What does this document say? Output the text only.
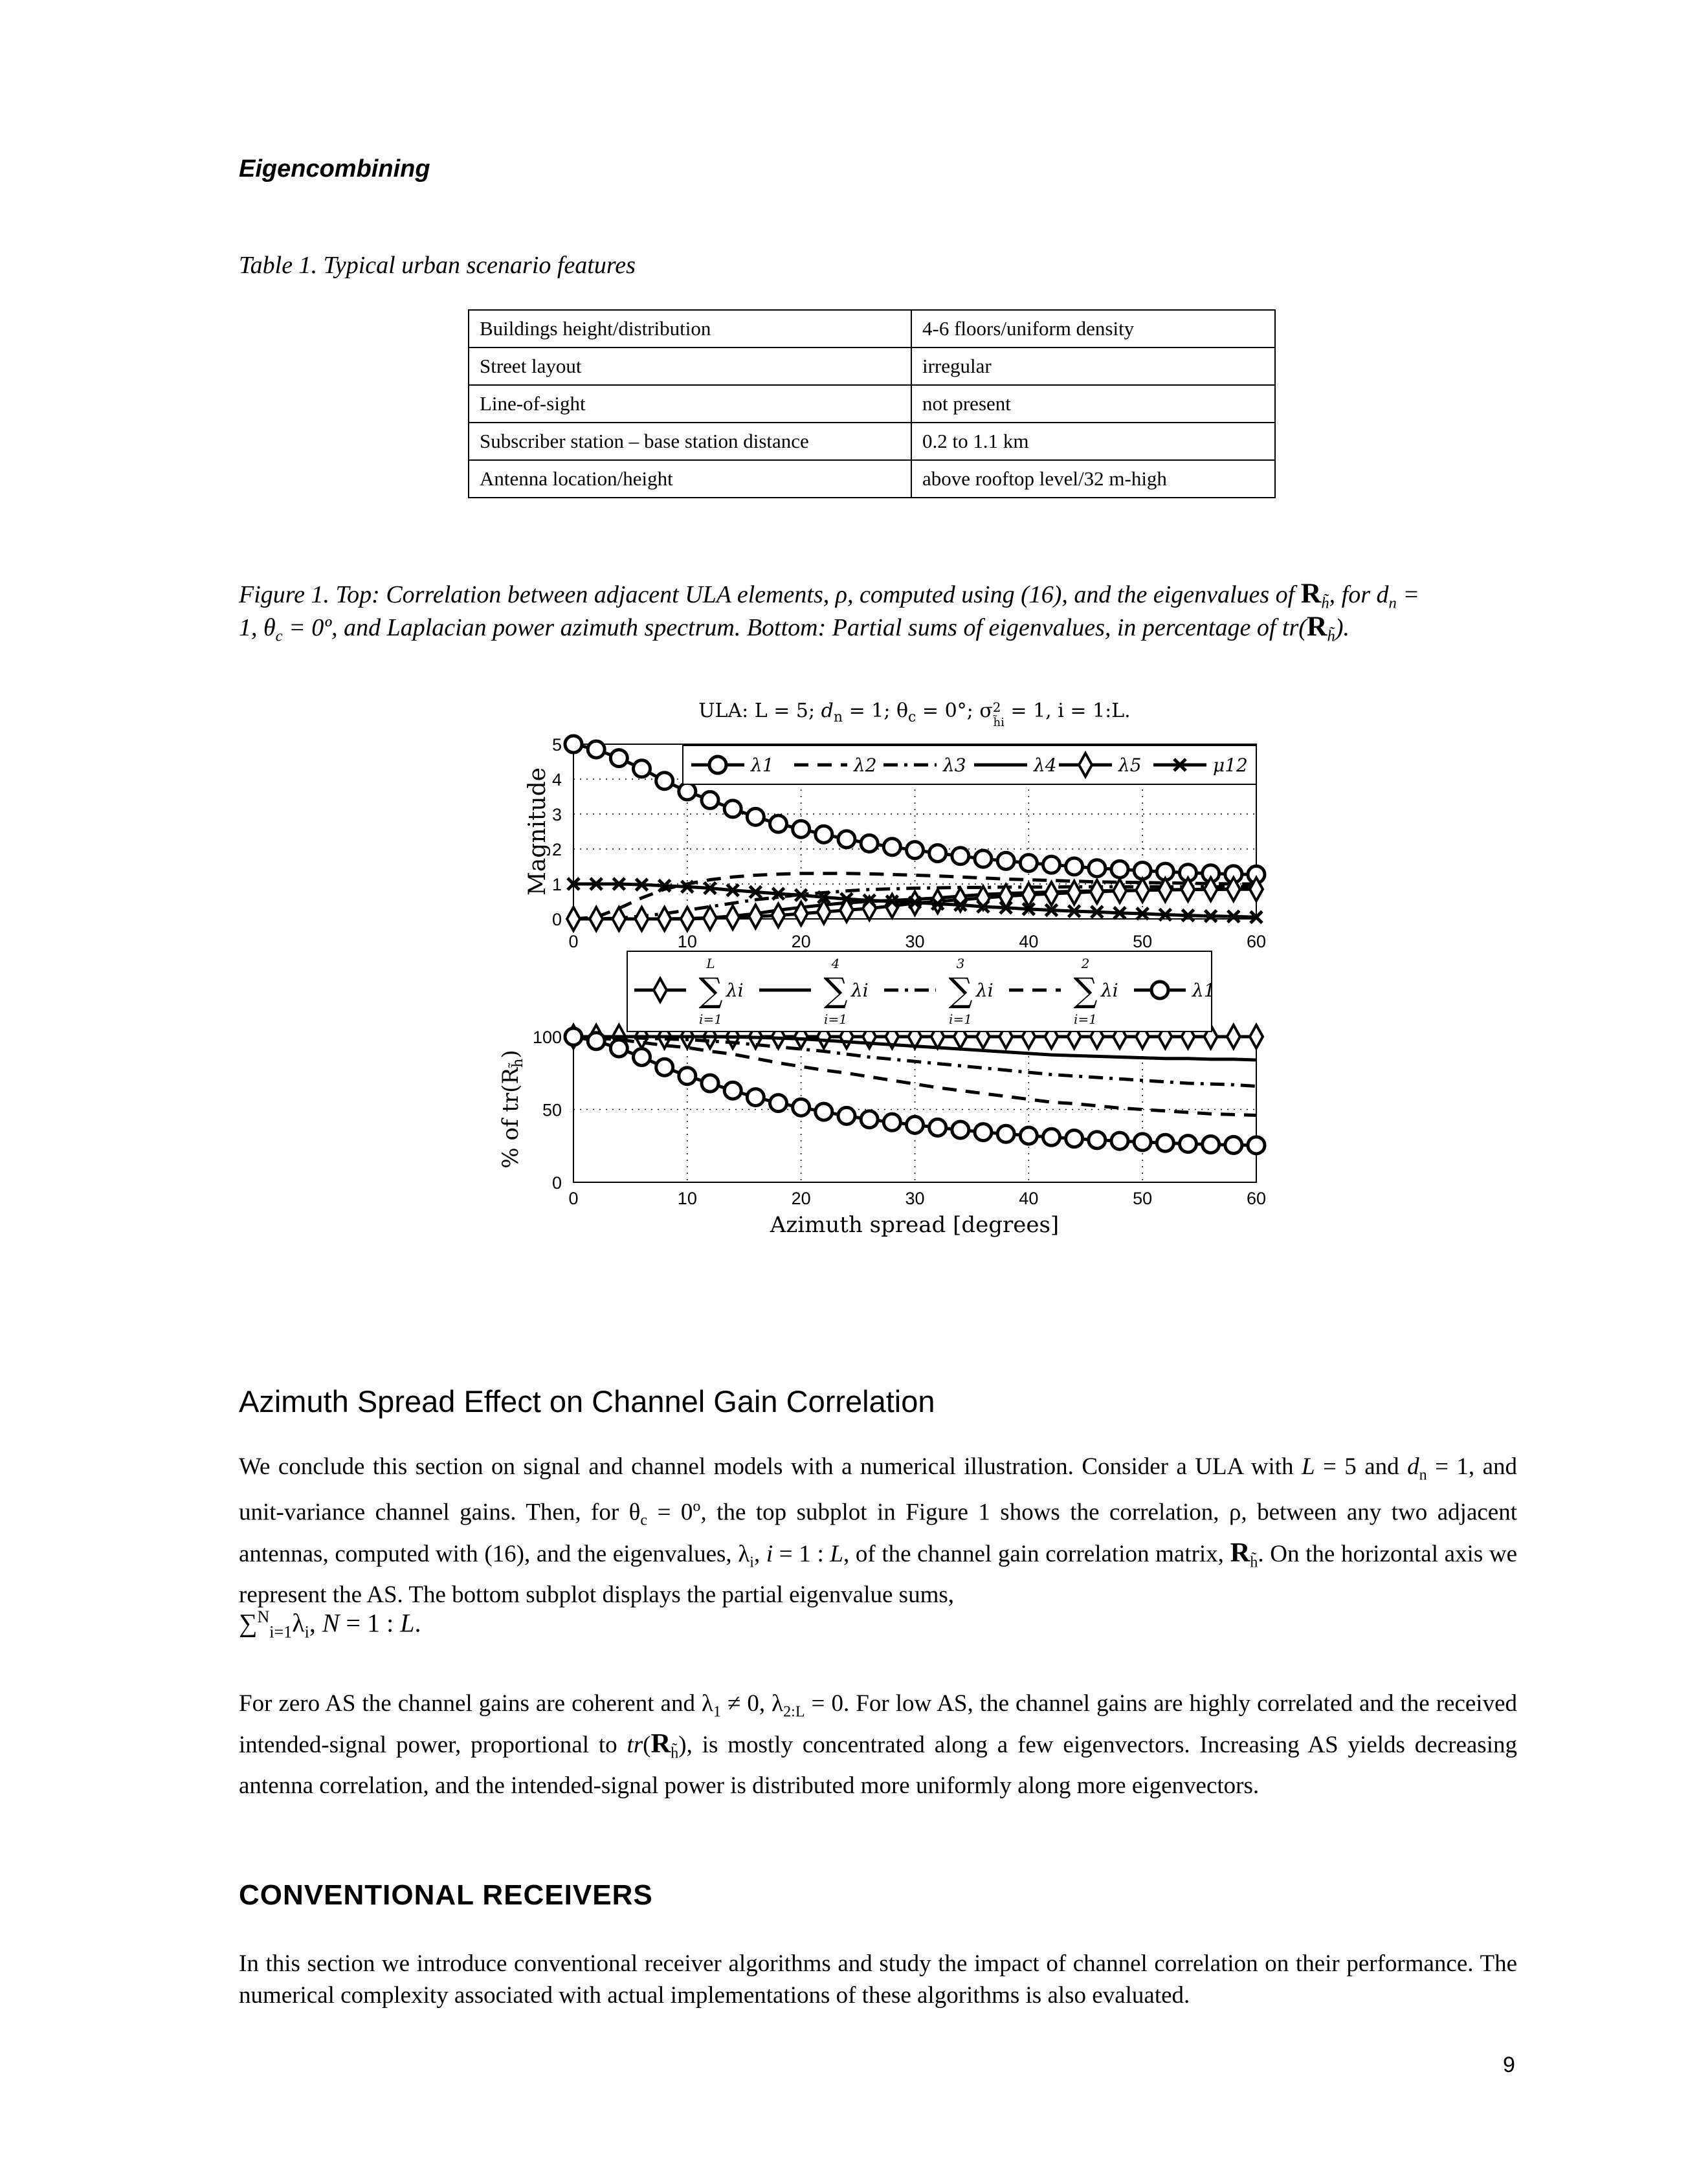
Eigencombining
Table 1. Typical urban scenario features
Buildings height/distribution	4-6 floors/uniform density
Street layout	irregular
Line-of-sight	not present
Subscriber station – base station distance	0.2 to 1.1 km
Antenna location/height	above rooftop level/32 m-high
Figure 1. Top: Correlation between adjacent ULA elements, ρ, computed using (16), and the eigenvalues of $R_{h̃}$, for $d_n$ =
1, $\theta_c$ = 0º, and Laplacian power azimuth spectrum. Bottom: Partial sums of eigenvalues, in percentage of $tr(R_{h̃})$.
ULA: L = 5; dn = 1; θc = 0°; σ2 h̃i = 1, i = 1:L.
λ1	λ2	λ3	λ4	λ5	μ12
Magnitude
∑
L
i=1
λi ∑
4
i=1
λi ∑
3
i=1
λi ∑
2
i=1
λi	λ1
Azimuth spread [degrees]
% of tr(Rh̃)
0	10	20	30	40	50	60
0
1
2
3
4
5
0	10	20	30	40	50	60
0
50
100
Azimuth Spread Effect on Channel Gain Correlation
We conclude this section on signal and channel models with a numerical illustration. Consider a ULA with L = 5 and $d_n = 1$, and unit-variance channel gains. Then, for $\theta_c = 0^o$, the top subplot in Figure 1 shows the correlation, ρ, between any two adjacent antennas, computed with (16), and the eigenvalues, $\lambda_i$, i = 1 : L, of the channel gain correlation matrix, $R_{h̃}$. On the horizontal axis we represent the AS. The bottom subplot displays the partial eigenvalue sums,
$\sum^N_{i=1}\lambda_i$, N = 1 : L.
For zero AS the channel gains are coherent and $\lambda_1 \ne 0$, $\lambda_{2:L} = 0$. For low AS, the channel gains are highly correlated and the received intended-signal power, proportional to $tr(R_{h̃})$, is mostly concentrated along a few eigenvectors. Increasing AS yields decreasing antenna correlation, and the intended-signal power is distributed more uniformly along more eigenvectors.
CONVENTIONAL RECEIVERS
In this section we introduce conventional receiver algorithms and study the impact of channel correlation on their performance. The numerical complexity associated with actual implementations of these algorithms is also evaluated.
9
